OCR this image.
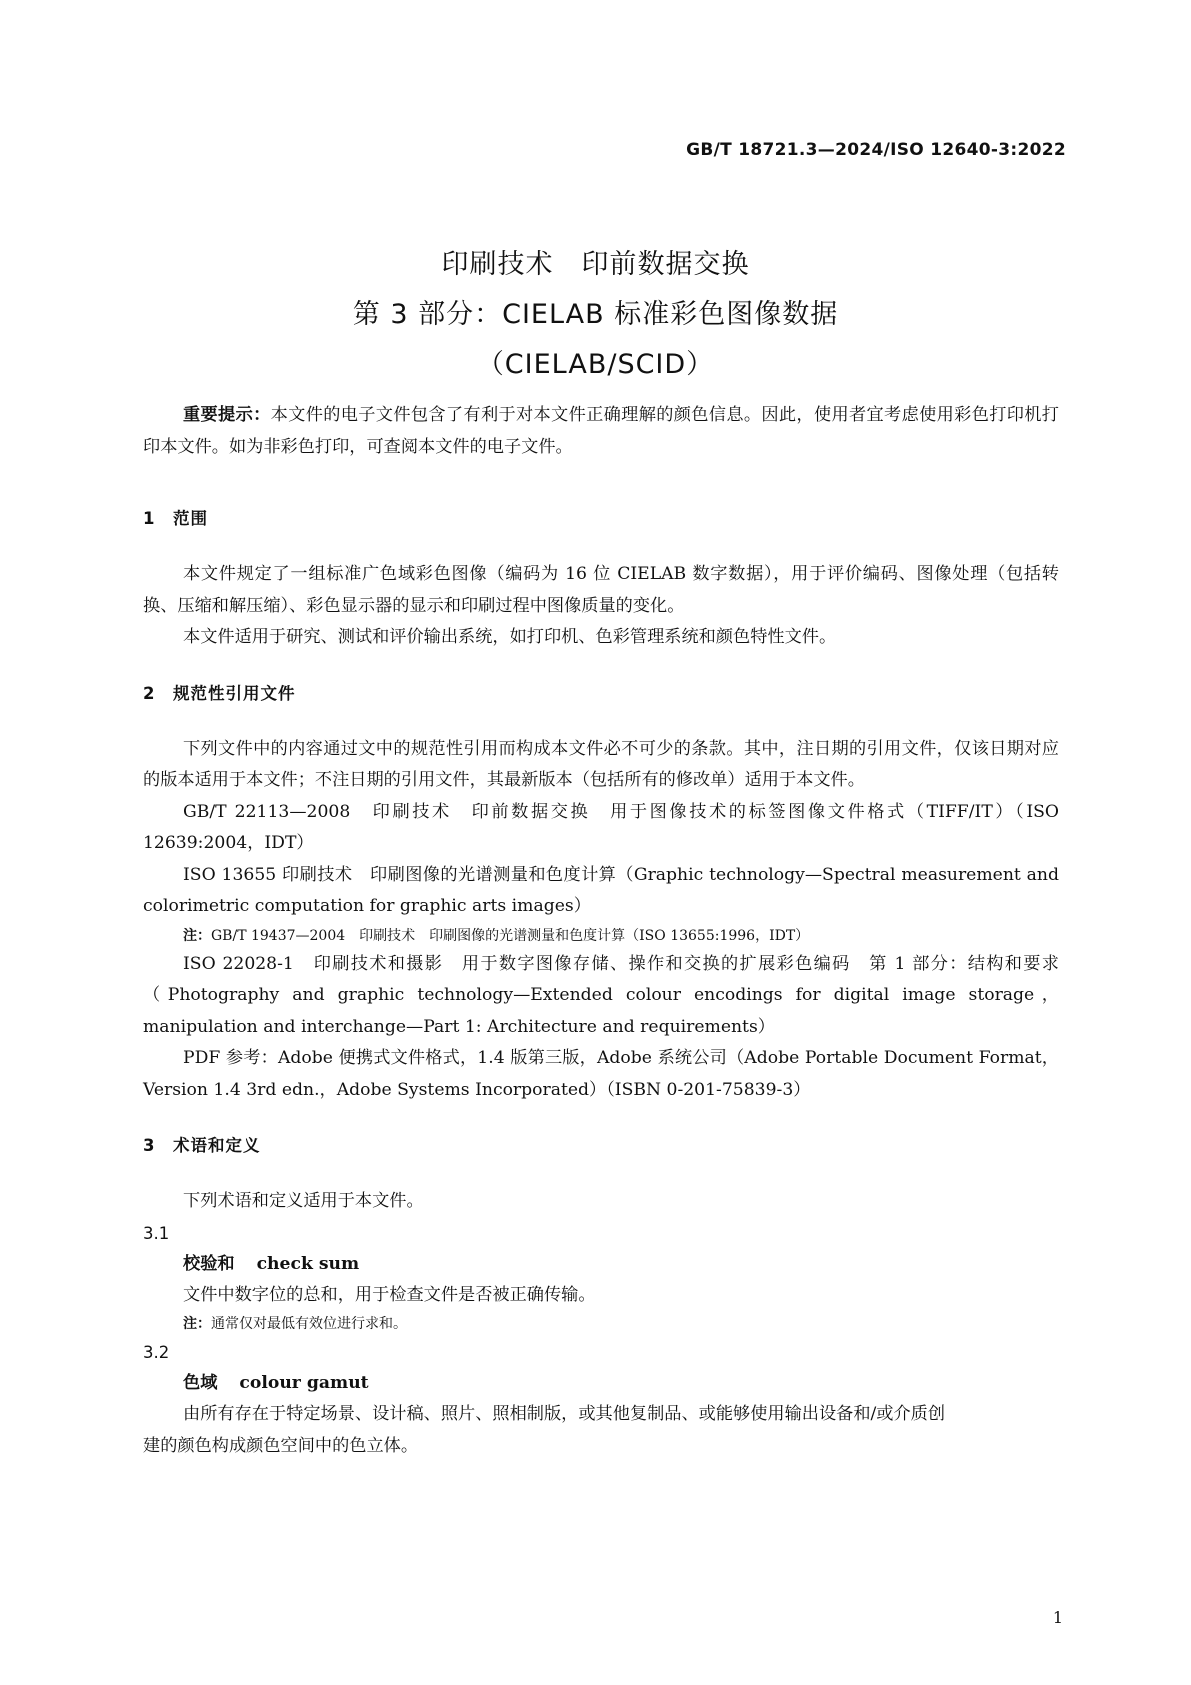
GB/T 18721.3—2024/ISO 12640-3:2022
印刷技术　印前数据交换
第 3 部分：CIELAB 标准彩色图像数据
（CIELAB/SCID）

重要提示：本文件的电子文件包含了有利于对本文件正确理解的颜色信息。因此，使用者宜考虑使用彩色打印机打印本文件。如为非彩色打印，可查阅本文件的电子文件。

1 范围

本文件规定了一组标准广色域彩色图像（编码为 16 位 CIELAB 数字数据），用于评价编码、图像处理（包括转换、压缩和解压缩）、彩色显示器的显示和印刷过程中图像质量的变化。

本文件适用于研究、测试和评价输出系统，如打印机、色彩管理系统和颜色特性文件。

2 规范性引用文件

下列文件中的内容通过文中的规范性引用而构成本文件必不可少的条款。其中，注日期的引用文件，仅该日期对应的版本适用于本文件；不注日期的引用文件，其最新版本（包括所有的修改单）适用于本文件。

GB/T 22113—2008　印刷技术　印前数据交换　用于图像技术的标签图像文件格式（TIFF/IT）（ISO 12639:2004，IDT）

ISO 13655 印刷技术　印刷图像的光谱测量和色度计算（Graphic technology—Spectral measurement and colorimetric computation for graphic arts images）

注：GB/T 19437—2004　印刷技术　印刷图像的光谱测量和色度计算（ISO 13655:1996，IDT）

ISO 22028-1　印刷技术和摄影　用于数字图像存储、操作和交换的扩展彩色编码　第 1 部分：结构和要求（Photography and graphic technology—Extended colour encodings for digital image storage，manipulation and interchange—Part 1: Architecture and requirements）

PDF 参考：Adobe 便携式文件格式，1.4 版第三版，Adobe 系统公司（Adobe Portable Document Format，Version 1.4 3rd edn.，Adobe Systems Incorporated）（ISBN 0-201-75839-3）

3 术语和定义

下列术语和定义适用于本文件。

3.1
校验和 check sum
文件中数字位的总和，用于检查文件是否被正确传输。
注：通常仅对最低有效位进行求和。
3.2
色域 colour gamut
由所有存在于特定场景、设计稿、照片、照相制版，或其他复制品、或能够使用输出设备和/或介质创
建的颜色构成颜色空间中的色立体。
1
